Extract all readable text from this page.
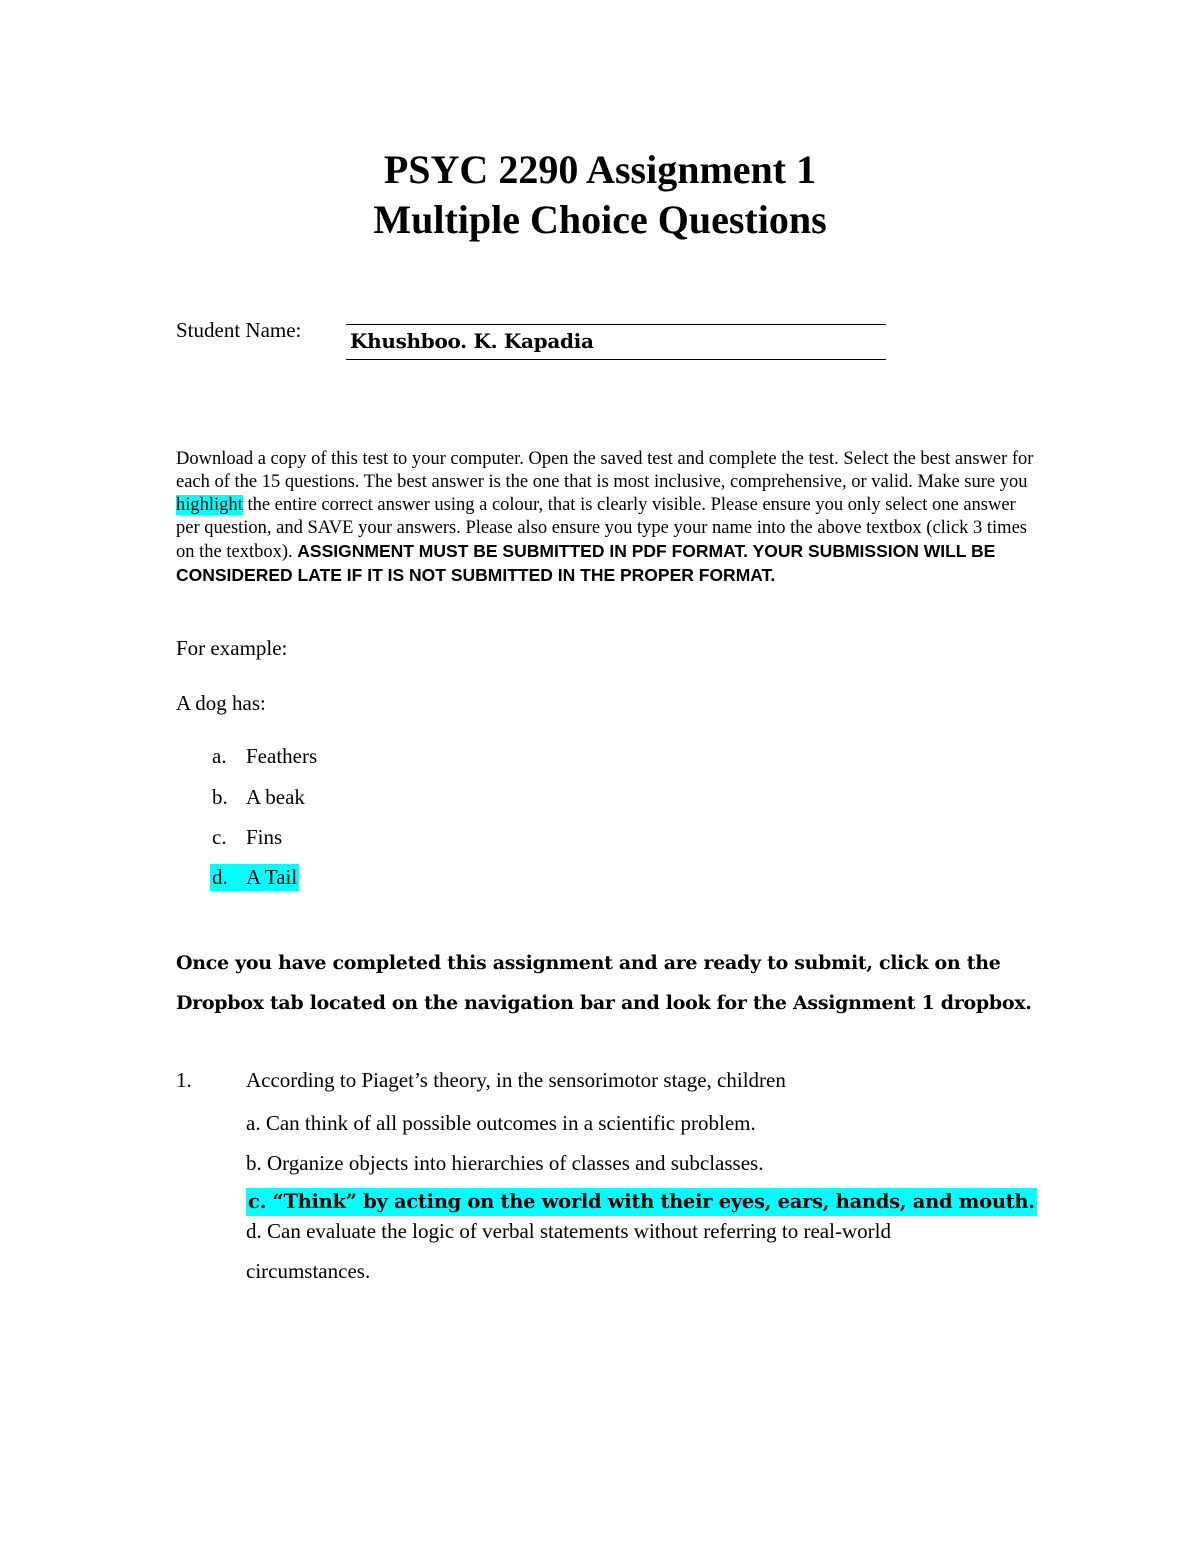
PSYC 2290 Assignment 1
Multiple Choice Questions
Student Name: Khushboo. K. Kapadia
Download a copy of this test to your computer. Open the saved test and complete the test. Select the best answer for each of the 15 questions. The best answer is the one that is most inclusive, comprehensive, or valid. Make sure you highlight the entire correct answer using a colour, that is clearly visible. Please ensure you only select one answer per question, and SAVE your answers. Please also ensure you type your name into the above textbox (click 3 times on the textbox). ASSIGNMENT MUST BE SUBMITTED IN PDF FORMAT. YOUR SUBMISSION WILL BE CONSIDERED LATE IF IT IS NOT SUBMITTED IN THE PROPER FORMAT.
For example:
A dog has:
a. Feathers
b. A beak
c. Fins
d. A Tail
Once you have completed this assignment and are ready to submit, click on the
Dropbox tab located on the navigation bar and look for the Assignment 1 dropbox.
1.	According to Piaget’s theory, in the sensorimotor stage, children
a. Can think of all possible outcomes in a scientific problem.
b. Organize objects into hierarchies of classes and subclasses.
c. “Think” by acting on the world with their eyes, ears, hands, and mouth.
d. Can evaluate the logic of verbal statements without referring to real-world circumstances.
